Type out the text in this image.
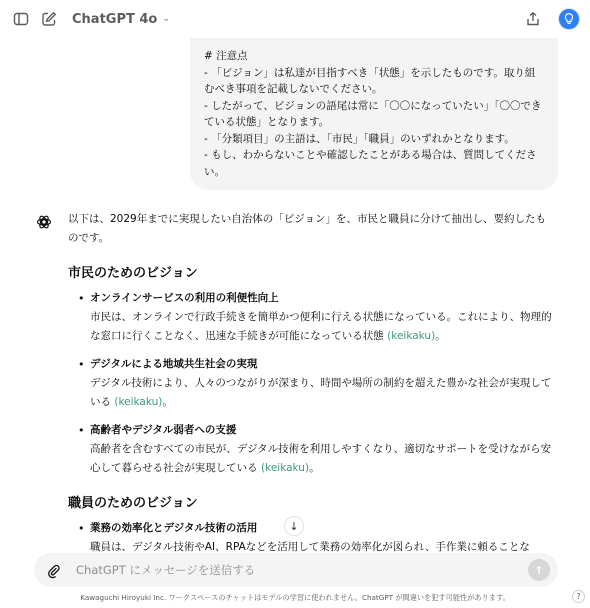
ChatGPT 4o ⌄
# 注意点
- 「ビジョン」は私達が目指すべき「状態」を示したものです。取り組むべき事項を記載しないでください。
- したがって、ビジョンの語尾は常に「〇〇になっていたい」「〇〇できている状態」となります。
- 「分類項目」の主語は、「市民」「職員」のいずれかとなります。
- もし、わからないことや確認したことがある場合は、質問してください。

以下は、2029年までに実現したい自治体の「ビジョン」を、市民と職員に分けて抽出し、要約したものです。

市民のためのビジョン
• オンラインサービスの利用の利便性向上
市民は、オンラインで行政手続きを簡単かつ便利に行える状態になっている。これにより、物理的な窓口に行くことなく、迅速な手続きが可能になっている状態 (keikaku)。
• デジタルによる地域共生社会の実現
デジタル技術により、人々のつながりが深まり、時間や場所の制約を超えた豊かな社会が実現している (keikaku)。
• 高齢者やデジタル弱者への支援
高齢者を含むすべての市民が、デジタル技術を利用しやすくなり、適切なサポートを受けながら安心して暮らせる社会が実現している (keikaku)。
職員のためのビジョン
• 業務の効率化とデジタル技術の活用
職員は、デジタル技術やAI、RPAなどを活用して業務の効率化が図られ、手作業に頼ることな
↓
ChatGPT にメッセージを送信する	↑
Kawaguchi Hiroyuki Inc. ワークスペースのチャットはモデルの学習に使われません。ChatGPT が間違いを犯す可能性があります。	?
